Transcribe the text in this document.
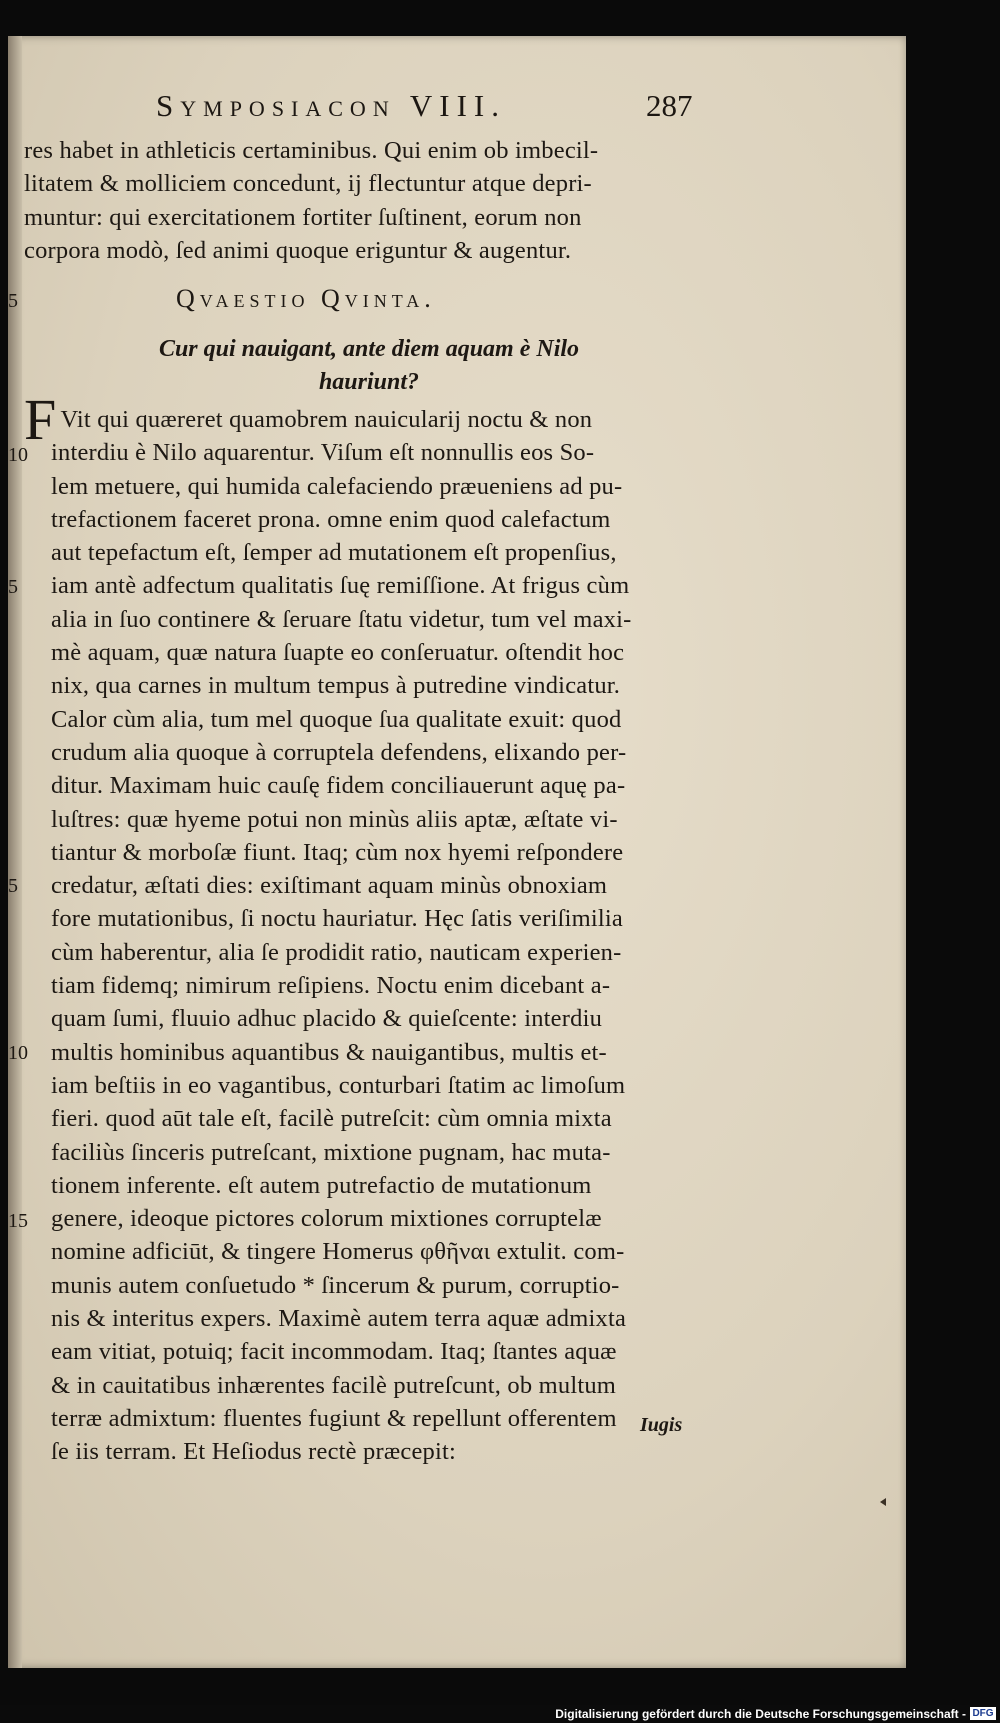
Symposiacon VIII.	287
res habet in athleticis certaminibus. Qui enim ob imbecil-
litatem & molliciem concedunt, ij flectuntur atque depri-
muntur: qui exercitationem fortiter ſuſtinent, eorum non
corpora modò, ſed animi quoque eriguntur & augentur.
Qvaestio Qvinta.
Cur qui nauigant, ante diem aquam è Nilo
hauriunt?
F Vit qui quæreret quamobrem nauicularij noctu & non
interdiu è Nilo aquarentur. Viſum eſt nonnullis eos So-
lem metuere, qui humida calefaciendo præueniens ad pu-
trefactionem faceret prona. omne enim quod calefactum
aut tepefactum eſt, ſemper ad mutationem eſt propenſius,
iam antè adfectum qualitatis ſuę remiſſione. At frigus cùm
alia in ſuo continere & ſeruare ſtatu videtur, tum vel maxi-
mè aquam, quæ natura ſuapte eo conſeruatur. oſtendit hoc
nix, qua carnes in multum tempus à putredine vindicatur.
Calor cùm alia, tum mel quoque ſua qualitate exuit: quod
crudum alia quoque à corruptela defendens, elixando per-
ditur. Maximam huic cauſę fidem conciliauerunt aquę pa-
luſtres: quæ hyeme potui non minùs aliis aptæ, æſtate vi-
tiantur & morboſæ fiunt. Itaq; cùm nox hyemi reſpondere
credatur, æſtati dies: exiſtimant aquam minùs obnoxiam
fore mutationibus, ſi noctu hauriatur. Hęc ſatis veriſimilia
cùm haberentur, alia ſe prodidit ratio, nauticam experien-
tiam fidemq; nimirum reſipiens. Noctu enim dicebant a-
quam ſumi, fluuio adhuc placido & quieſcente: interdiu
multis hominibus aquantibus & nauigantibus, multis et-
iam beſtiis in eo vagantibus, conturbari ſtatim ac limoſum
fieri. quod aūt tale eſt, facilè putreſcit: cùm omnia mixta
faciliùs ſinceris putreſcant, mixtione pugnam, hac muta-
tionem inferente. eſt autem putrefactio de mutationum
genere, ideoque pictores colorum mixtiones corruptelæ
nomine adficiūt, & tingere Homerus φθῆναι extulit. com-
munis autem conſuetudo * ſincerum & purum, corruptio-
nis & interitus expers. Maximè autem terra aquæ admixta
eam vitiat, potuiq; facit incommodam. Itaq; ſtantes aquæ
& in cauitatibus inhærentes facilè putreſcunt, ob multum
terræ admixtum: fluentes fugiunt & repellunt offerentem
ſe iis terram. Et Heſiodus rectè præcepit:
Iugis
5
10
5
5
10
15
Digitalisierung gefördert durch die Deutsche Forschungsgemeinschaft - DFG
